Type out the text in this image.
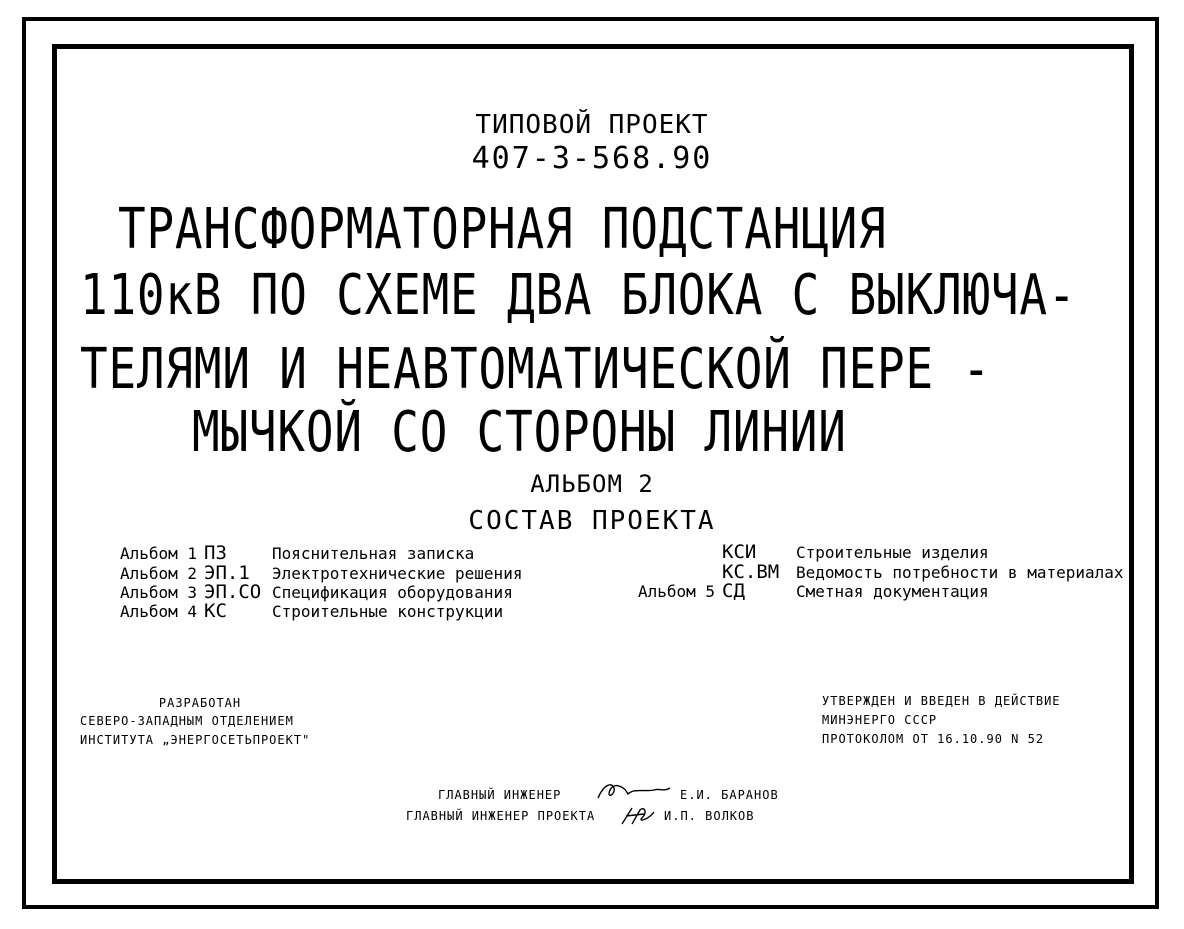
ТИПОВОЙ ПРОЕКТ
407-3-568.90
ТРАНСФОРМАТОРНАЯ ПОДСТАНЦИЯ
110кВ ПО СХЕМЕ ДВА БЛОКА С ВЫКЛЮЧА-
ТЕЛЯМИ И НЕАВТОМАТИЧЕСКОЙ ПЕРЕ -
МЫЧКОЙ СО СТОРОНЫ ЛИНИИ
АЛЬБОМ 2
СОСТАВ ПРОЕКТА
Альбом 1 ПЗ	Пояснительная записка
Альбом 2 ЭП.1 Электротехнические решения
Альбом 3 ЭП.СО Спецификация оборудования
Альбом 4 КС	Строительные конструкции
КСИ Строительные изделия
КС.ВМ Ведомость потребности в материалах
Альбом 5 СД	Сметная документация
РАЗРАБОТАН
СЕВЕРО-ЗАПАДНЫМ ОТДЕЛЕНИЕМ
ИНСТИТУТА „ЭНЕРГОСЕТЬПРОЕКТ"
УТВЕРЖДЕН И ВВЕДЕН В ДЕЙСТВИЕ
МИНЭНЕРГО СССР
ПРОТОКОЛОМ ОТ 16.10.90 N 52
ГЛАВНЫЙ ИНЖЕНЕР	Е.И. БАРАНОВ
ГЛАВНЫЙ ИНЖЕНЕР ПРОЕКТА	И.П. ВОЛКОВ
